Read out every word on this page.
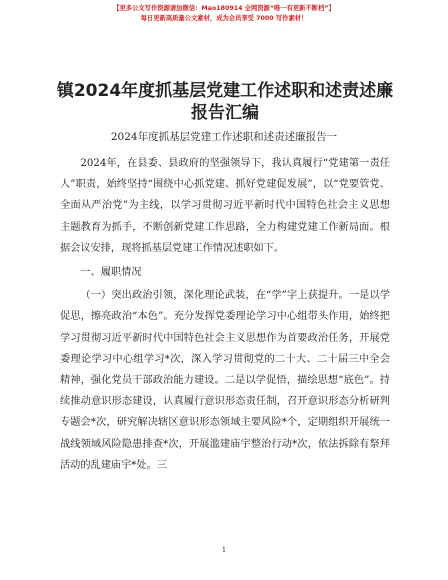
【更多公文写作资源请加微信：Mao180914 全网资源“唯一有更新不断档”】
每日更新高质量公文素材，成为会员享受 7000 写作素材！
镇2024年度抓基层党建工作述职和述责述廉报告汇编
2024年度抓基层党建工作述职和述责述廉报告一

2024年，在县委、县政府的坚强领导下，我认真履行“党建第一责任人”职责，始终坚持“围绕中心抓党建、抓好党建促发展”，以“党要管党、全面从严治党”为主线，以学习贯彻习近平新时代中国特色社会主义思想主题教育为抓手，不断创新党建工作思路，全力构建党建工作新局面。根据会议安排，现将抓基层党建工作情况述职如下。

一、履职情况

（一）突出政治引领，深化理论武装，在“学”字上获提升。一是以学促思，擦亮政治“本色”。充分发挥党委理论学习中心组带头作用，始终把学习贯彻习近平新时代中国特色社会主义思想作为首要政治任务，开展党委理论学习中心组学习*次，深入学习贯彻党的二十大、二十届三中全会精神，强化党员干部政治能力建设。二是以学促悟，描绘思想“底色”。持续推动意识形态建设，认真履行意识形态责任制，召开意识形态分析研判专题会*次，研究解决辖区意识形态领域主要风险*个，定期组织开展统一战线领域风险隐患排查*次，开展滥建庙宇整治行动*次，依法拆除有祭拜活动的乱建庙宇*处。三

1
